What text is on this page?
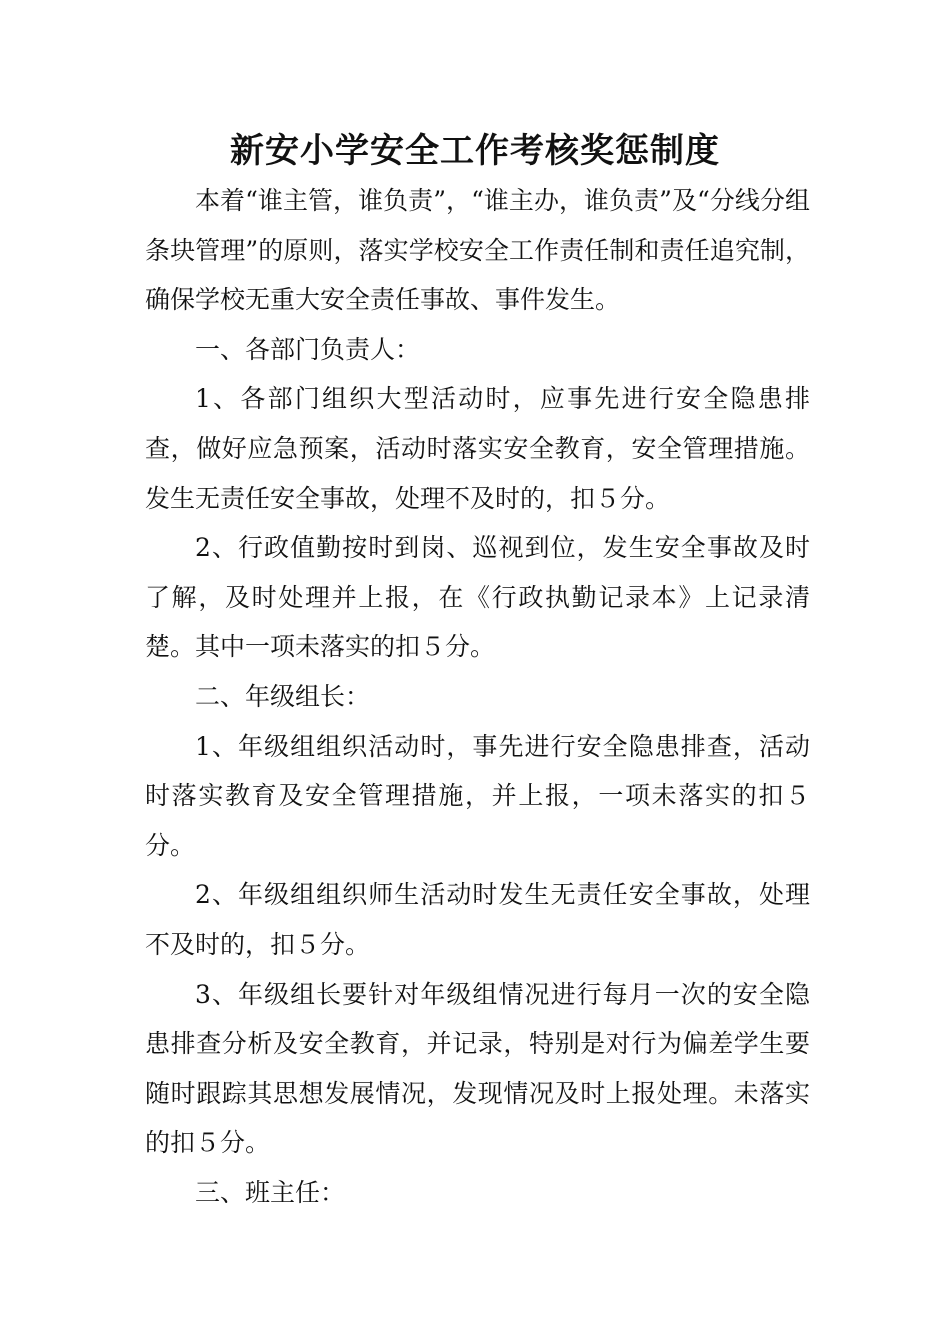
新安小学安全工作考核奖惩制度

本着“谁主管，谁负责”，“谁主办，谁负责”及“分线分组条块管理”的原则，落实学校安全工作责任制和责任追究制，确保学校无重大安全责任事故、事件发生。

一、各部门负责人：

1、各部门组织大型活动时，应事先进行安全隐患排查，做好应急预案，活动时落实安全教育，安全管理措施。发生无责任安全事故，处理不及时的，扣５分。

2、行政值勤按时到岗、巡视到位，发生安全事故及时了解，及时处理并上报，在《行政执勤记录本》上记录清楚。其中一项未落实的扣５分。

二、年级组长：

1、年级组组织活动时，事先进行安全隐患排查，活动时落实教育及安全管理措施，并上报，一项未落实的扣５分。

2、年级组组织师生活动时发生无责任安全事故，处理不及时的，扣５分。

3、年级组长要针对年级组情况进行每月一次的安全隐患排查分析及安全教育，并记录，特别是对行为偏差学生要随时跟踪其思想发展情况，发现情况及时上报处理。未落实的扣５分。

三、班主任：
